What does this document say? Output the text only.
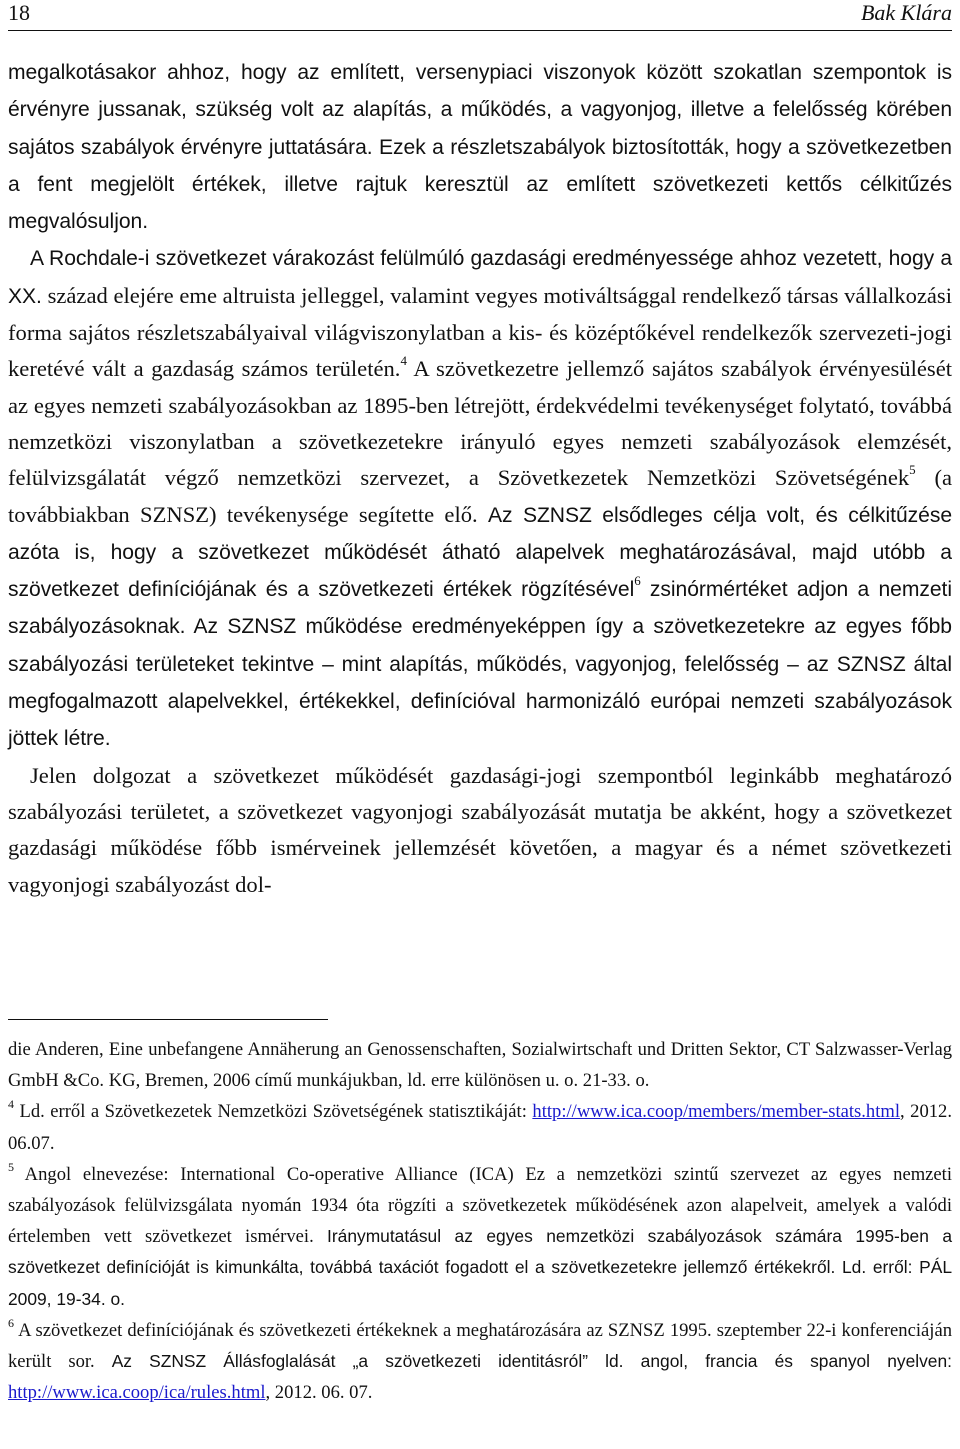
18	Bak Klára

megalkotásakor ahhoz, hogy az említett, versenypiaci viszonyok között szokatlan szempontok is érvényre jussanak, szükség volt az alapítás, a működés, a vagyonjog, illetve a felelősség körében sajátos szabályok érvényre juttatására. Ezek a részletszabályok biztosították, hogy a szövetkezetben a fent megjelölt értékek, illetve rajtuk keresztül az említett szövetkezeti kettős célkitűzés megvalósuljon.

A Rochdale-i szövetkezet várakozást felülmúló gazdasági eredményessége ahhoz vezetett, hogy a XX. század elejére eme altruista jelleggel, valamint vegyes motiváltsággal rendelkező társas vállalkozási forma sajátos részletszabályaival világviszonylatban a kis- és középtőkével rendelkezők szervezeti-jogi keretévé vált a gazdaság számos területén.$^4$ A szövetkezetre jellemző sajátos szabályok érvényesülését az egyes nemzeti szabályozásokban az 1895-ben létrejött, érdekvédelmi tevékenységet folytató, továbbá nemzetközi viszonylatban a szövetkezetekre irányuló egyes nemzeti szabályozások elemzését, felülvizsgálatát végző nemzetközi szervezet, a Szövetkezetek Nemzetközi Szövetségének$^5$ (a továbbiakban SZNSZ) tevékenysége segítette elő. Az SZNSZ elsődleges célja volt, és célkitűzése azóta is, hogy a szövetkezet működését átható alapelvek meghatározásával, majd utóbb a szövetkezet definíciójának és a szövetkezeti értékek rögzítésével$^6$ zsinórmértéket adjon a nemzeti szabályozásoknak. Az SZNSZ működése eredményeképpen így a szövetkezetekre az egyes főbb szabályozási területeket tekintve – mint alapítás, működés, vagyonjog, felelősség – az SZNSZ által megfogalmazott alapelvekkel, értékekkel, definícióval harmonizáló európai nemzeti szabályozások jöttek létre.

Jelen dolgozat a szövetkezet működését gazdasági-jogi szempontból leginkább meghatározó szabályozási területet, a szövetkezet vagyonjogi szabályozását mutatja be akként, hogy a szövetkezet gazdasági működése főbb ismérveinek jellemzését követően, a magyar és a német szövetkezeti vagyonjogi szabályozást dol-

die Anderen, Eine unbefangene Annäherung an Genossenschaften, Sozialwirtschaft und Dritten Sektor, CT Salzwasser-Verlag GmbH &Co. KG, Bremen, 2006 című munkájukban, ld. erre különösen u. o. 21-33. o.

$^4$ Ld. erről a Szövetkezetek Nemzetközi Szövetségének statisztikáját: http://www.ica.coop/members/member-stats.html, 2012. 06.07.

$^5$ Angol elnevezése: International Co-operative Alliance (ICA) Ez a nemzetközi szintű szervezet az egyes nemzeti szabályozások felülvizsgálata nyomán 1934 óta rögzíti a szövetkezetek működésének azon alapelveit, amelyek a valódi értelemben vett szövetkezet ismérvei. Iránymutatásul az egyes nemzetközi szabályozások számára 1995-ben a szövetkezet definícióját is kimunkálta, továbbá taxációt fogadott el a szövetkezetekre jellemző értékekről. Ld. erről: PÁL 2009, 19-34. o.

$^6$ A szövetkezet definíciójának és szövetkezeti értékeknek a meghatározására az SZNSZ 1995. szeptember 22-i konferenciáján került sor. Az SZNSZ Állásfoglalását „a szövetkezeti identitásról” ld. angol, francia és spanyol nyelven: http://www.ica.coop/ica/rules.html, 2012. 06. 07.
